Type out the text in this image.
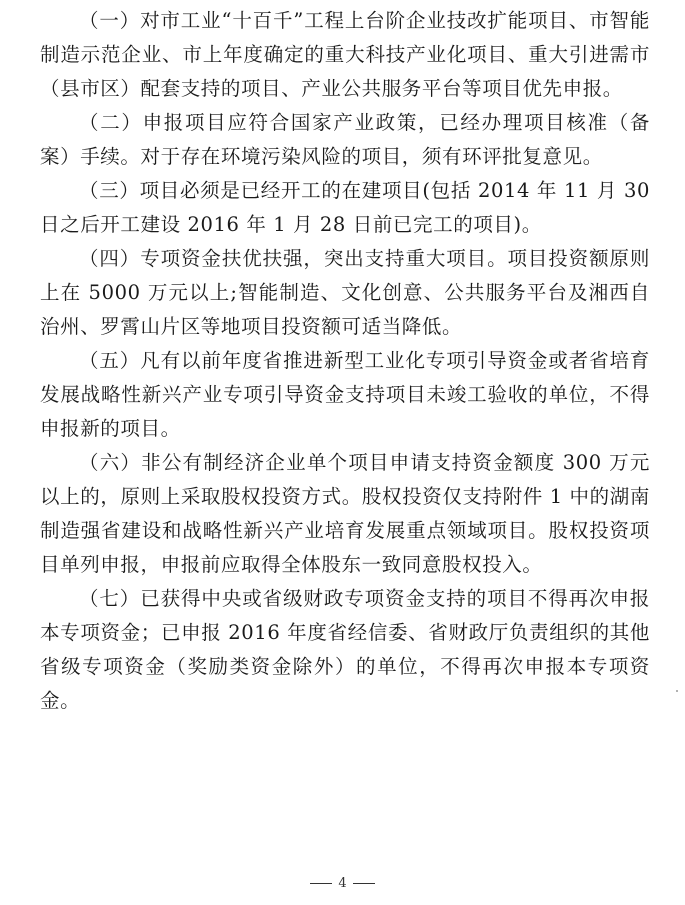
（一）对市工业“十百千”工程上台阶企业技改扩能项目、市智能制造示范企业、市上年度确定的重大科技产业化项目、重大引进需市（县市区）配套支持的项目、产业公共服务平台等项目优先申报。

（二）申报项目应符合国家产业政策，已经办理项目核准（备案）手续。对于存在环境污染风险的项目，须有环评批复意见。

（三）项目必须是已经开工的在建项目(包括 2014 年 11 月 30 日之后开工建设 2016 年 1 月 28 日前已完工的项目)。

（四）专项资金扶优扶强，突出支持重大项目。项目投资额原则上在 5000 万元以上;智能制造、文化创意、公共服务平台及湘西自治州、罗霄山片区等地项目投资额可适当降低。

（五）凡有以前年度省推进新型工业化专项引导资金或者省培育发展战略性新兴产业专项引导资金支持项目未竣工验收的单位，不得申报新的项目。

（六）非公有制经济企业单个项目申请支持资金额度 300 万元以上的，原则上采取股权投资方式。股权投资仅支持附件 1 中的湖南制造强省建设和战略性新兴产业培育发展重点领域项目。股权投资项目单列申报，申报前应取得全体股东一致同意股权投入。

（七）已获得中央或省级财政专项资金支持的项目不得再次申报本专项资金；已申报 2016 年度省经信委、省财政厅负责组织的其他省级专项资金（奖励类资金除外）的单位，不得再次申报本专项资金。

4
